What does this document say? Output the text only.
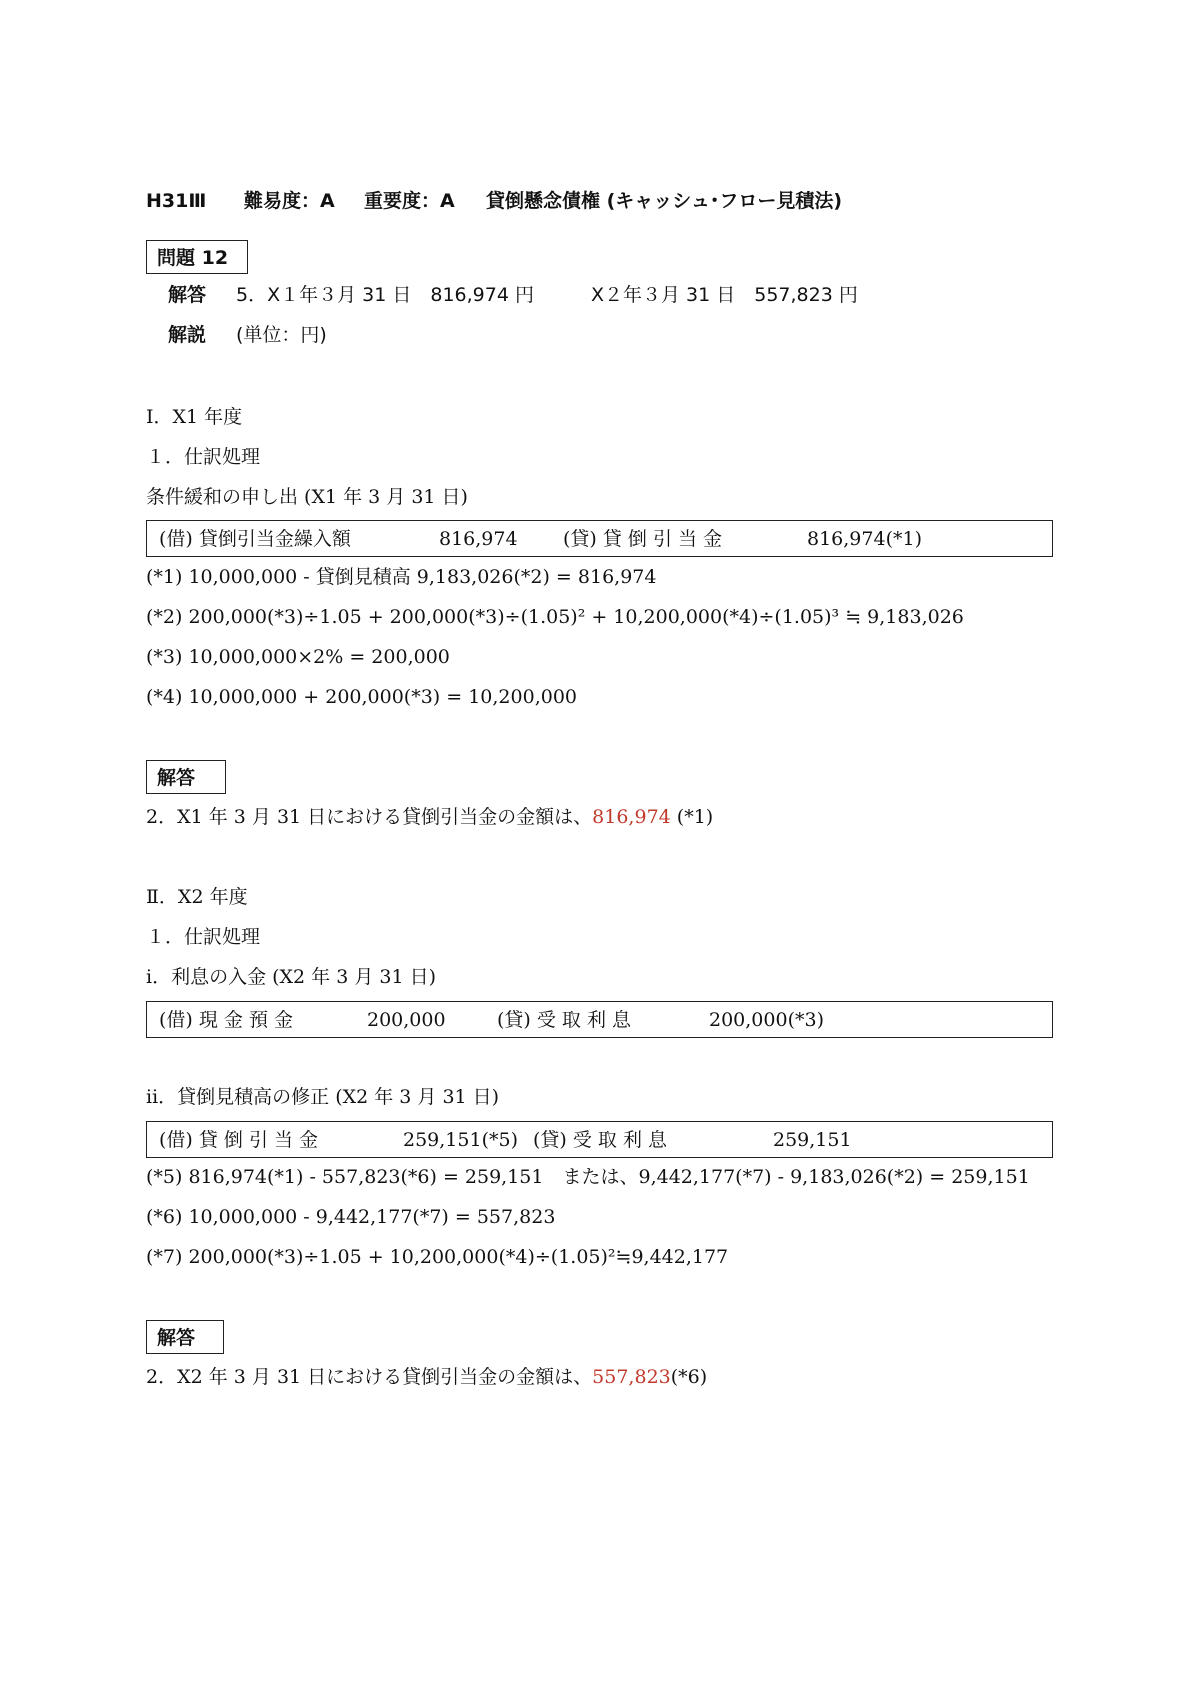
H31Ⅲ 難易度：A 重要度：A 貸倒懸念債権 (キャッシュ･フロー見積法)
問題 12
解答 5．X１年３月 31 日　816,974 円　　　X２年３月 31 日　557,823 円
解説 (単位：円)
Ⅰ．X1 年度
１．仕訳処理
条件緩和の申し出 (X1 年 3 月 31 日)
(借) 貸倒引当金繰入額	816,974 (貸) 貸 倒 引 当 金	816,974(*1)
(*1) 10,000,000 - 貸倒見積高 9,183,026(*2) = 816,974
(*2) 200,000(*3)÷1.05 + 200,000(*3)÷(1.05)² + 10,200,000(*4)÷(1.05)³ ≒ 9,183,026
(*3) 10,000,000×2% = 200,000
(*4) 10,000,000 + 200,000(*3) = 10,200,000
解答
2．X1 年 3 月 31 日における貸倒引当金の金額は、816,974 (*1)
Ⅱ．X2 年度
１．仕訳処理
ⅰ．利息の入金 (X2 年 3 月 31 日)
(借) 現 金 預 金	200,000	(貸) 受 取 利 息	200,000(*3)
ⅱ．貸倒見積高の修正 (X2 年 3 月 31 日)
(借) 貸 倒 引 当 金	259,151(*5) (貸) 受 取 利 息	259,151
(*5) 816,974(*1) - 557,823(*6) = 259,151　または、9,442,177(*7) - 9,183,026(*2) = 259,151
(*6) 10,000,000 - 9,442,177(*7) = 557,823
(*7) 200,000(*3)÷1.05 + 10,200,000(*4)÷(1.05)²≒9,442,177
解答
2．X2 年 3 月 31 日における貸倒引当金の金額は、557,823(*6)
